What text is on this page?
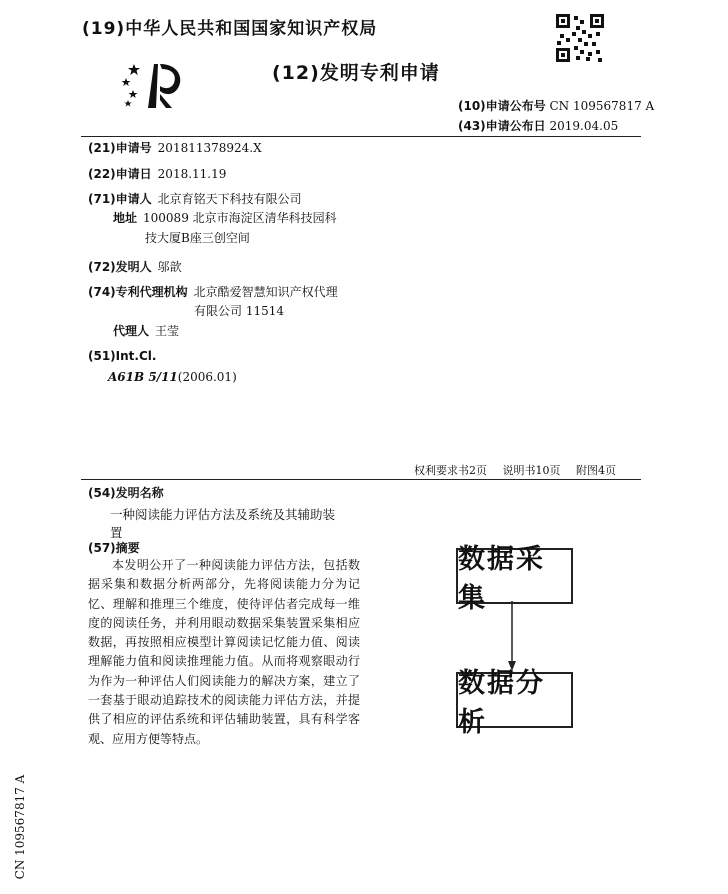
(19)中华人民共和国国家知识产权局
(12)发明专利申请
(10)申请公布号 CN 109567817 A
(43)申请公布日 2019.04.05
(21)申请号 201811378924.X
(22)申请日 2018.11.19
(71)申请人 北京育铭天下科技有限公司
地址 100089 北京市海淀区清华科技园科
技大厦B座三创空间
(72)发明人 邬歆
(74)专利代理机构 北京酷爱智慧知识产权代理
有限公司 11514
代理人 王莹
(51)Int.Cl.
A61B 5/11(2006.01)
权利要求书2页 说明书10页 附图4页
(54)发明名称
一种阅读能力评估方法及系统及其辅助装
置
(57)摘要
本发明公开了一种阅读能力评估方法，包括数据采集和数据分析两部分，先将阅读能力分为记忆、理解和推理三个维度，使待评估者完成每一维度的阅读任务，并利用眼动数据采集装置采集相应数据，再按照相应模型计算阅读记忆能力值、阅读理解能力值和阅读推理能力值。从而将观察眼动行为作为一种评估人们阅读能力的解决方案，建立了一套基于眼动追踪技术的阅读能力评估方法，并提供了相应的评估系统和评估辅助装置，具有科学客观、应用方便等特点。
数据采集
数据分析
CN 109567817 A
